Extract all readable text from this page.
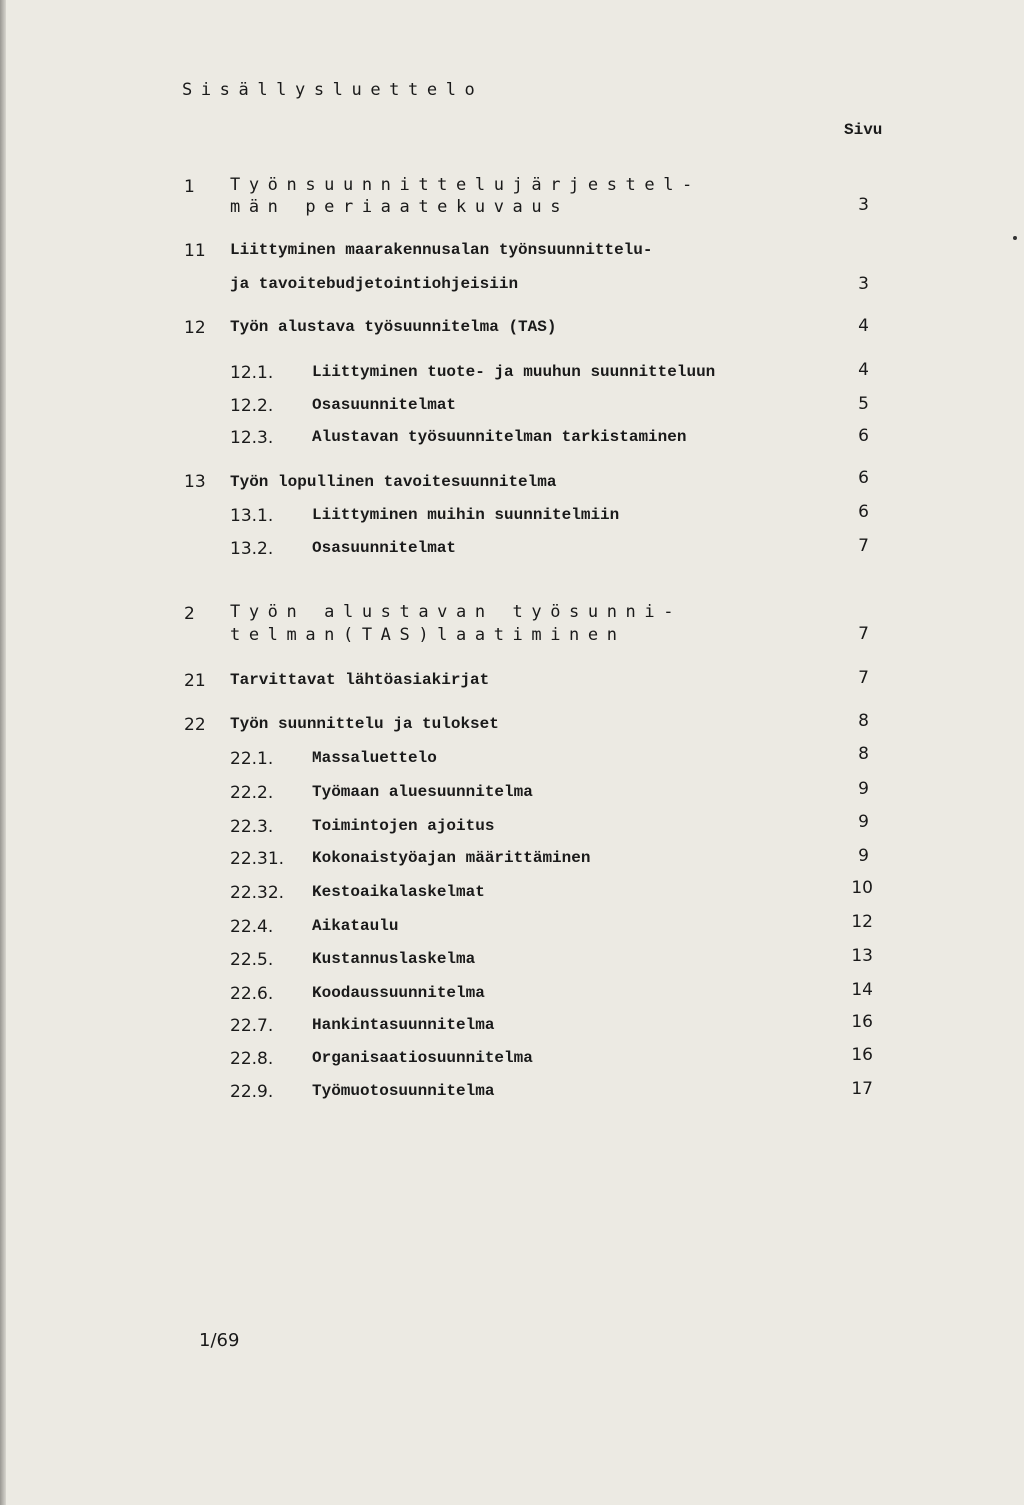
Sisällysluettelo
Sivu
1 Työnsuunnittelujärjestel-
män periaatekuvaus	3
11 Liittyminen maarakennusalan työnsuunnittelu-
ja tavoitebudjetointiohjeisiin	3
12 Työn alustava työsuunnitelma (TAS)	4
12.1. Liittyminen tuote- ja muuhun suunnitteluun	4
12.2. Osasuunnitelmat	5
12.3. Alustavan työsuunnitelman tarkistaminen	6
13 Työn lopullinen tavoitesuunnitelma	6
13.1. Liittyminen muihin suunnitelmiin	6
13.2. Osasuunnitelmat	7
2 Työn alustavan työsunni-
telman(TAS)laatiminen	7
21 Tarvittavat lähtöasiakirjat	7
22 Työn suunnittelu ja tulokset	8
22.1. Massaluettelo	8
22.2. Työmaan aluesuunnitelma	9
22.3. Toimintojen ajoitus	9
22.31. Kokonaistyöajan määrittäminen	9
22.32. Kestoaikalaskelmat	10
22.4. Aikataulu	12
22.5. Kustannuslaskelma	13
22.6. Koodaussuunnitelma	14
22.7. Hankintasuunnitelma	16
22.8. Organisaatiosuunnitelma	16
22.9. Työmuotosuunnitelma	17
1/69
